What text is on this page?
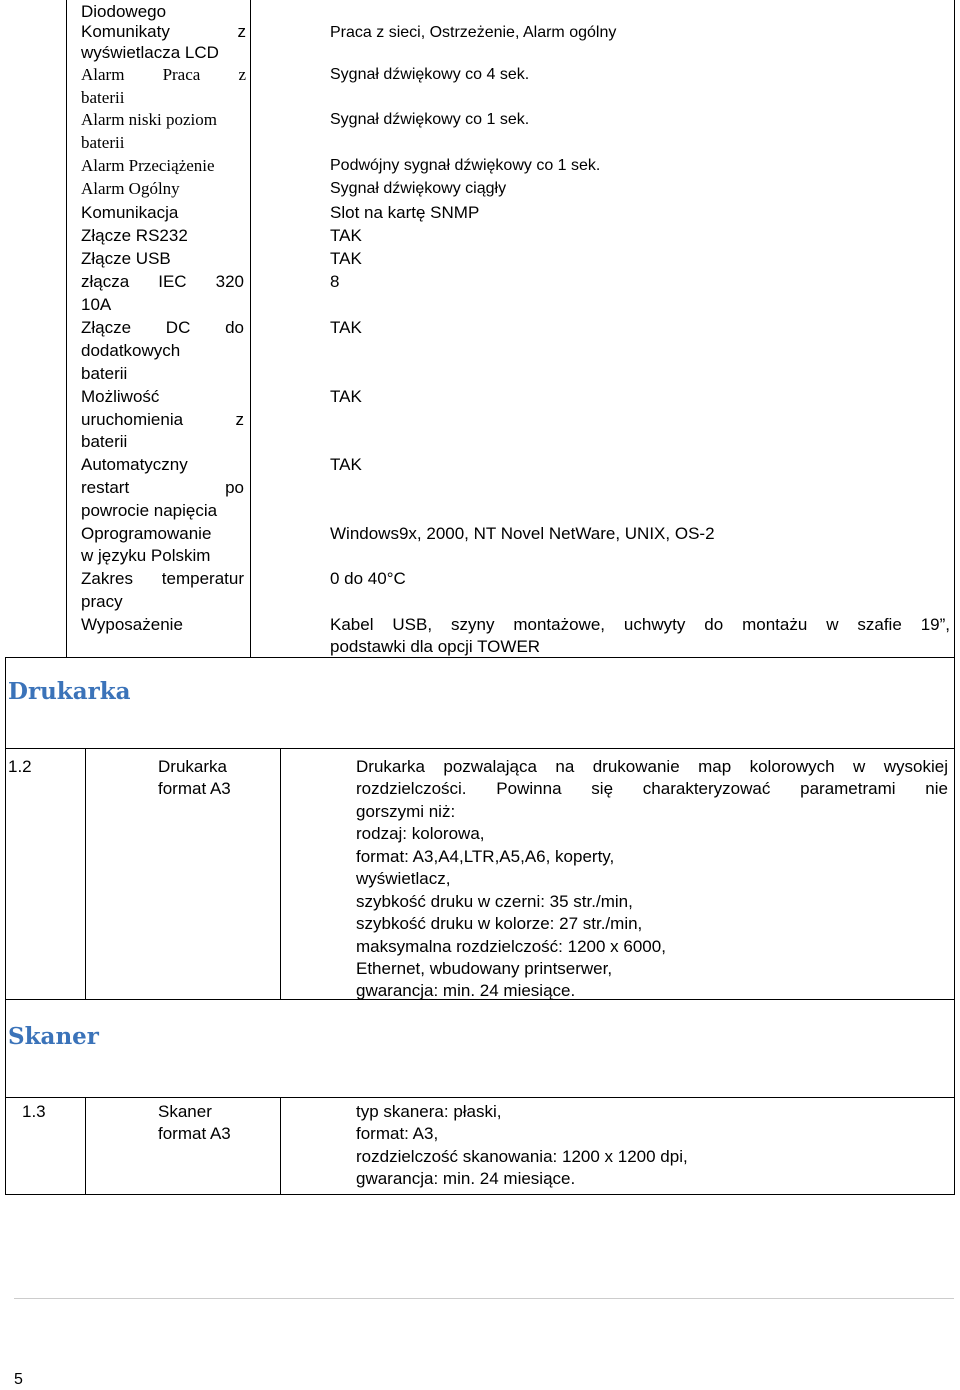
Diodowego
Komunikaty z
wyświetlacza LCD
Alarm Praca z
baterii
Alarm niski poziom
baterii
Alarm Przeciążenie
Alarm Ogólny
Komunikacja
Złącze RS232
Złącze USB
złącza IEC 320
10A
Złącze DC do
dodatkowych
baterii
Możliwość
uruchomienia z
baterii
Automatyczny
restart po
powrocie napięcia
Oprogramowanie
w języku Polskim
Zakres temperatur
pracy
Wyposażenie
Praca z sieci, Ostrzeżenie, Alarm ogólny
Sygnał dźwiękowy co 4 sek.
Sygnał dźwiękowy co 1 sek.
Podwójny sygnał dźwiękowy co 1 sek.
Sygnał dźwiękowy ciągły
Slot na kartę SNMP
TAK
TAK
8
TAK
TAK
TAK
Windows9x, 2000, NT Novel NetWare, UNIX, OS-2
0 do 40°C
Kabel USB, szyny montażowe, uchwyty do montażu w szafie 19”,
podstawki dla opcji TOWER
Drukarka
1.2	Drukarka
format A3
Drukarka pozwalająca na drukowanie map kolorowych w wysokiej
rozdzielczości. Powinna się charakteryzować parametrami nie
gorszymi niż:
rodzaj: kolorowa,
format: A3,A4,LTR,A5,A6, koperty,
wyświetlacz,
szybkość druku w czerni: 35 str./min,
szybkość druku w kolorze: 27 str./min,
maksymalna rozdzielczość: 1200 x 6000,
Ethernet, wbudowany printserwer,
gwarancja: min. 24 miesiące.
Skaner
1.3	Skaner
format A3
typ skanera: płaski,
format: A3,
rozdzielczość skanowania: 1200 x 1200 dpi,
gwarancja: min. 24 miesiące.
5
